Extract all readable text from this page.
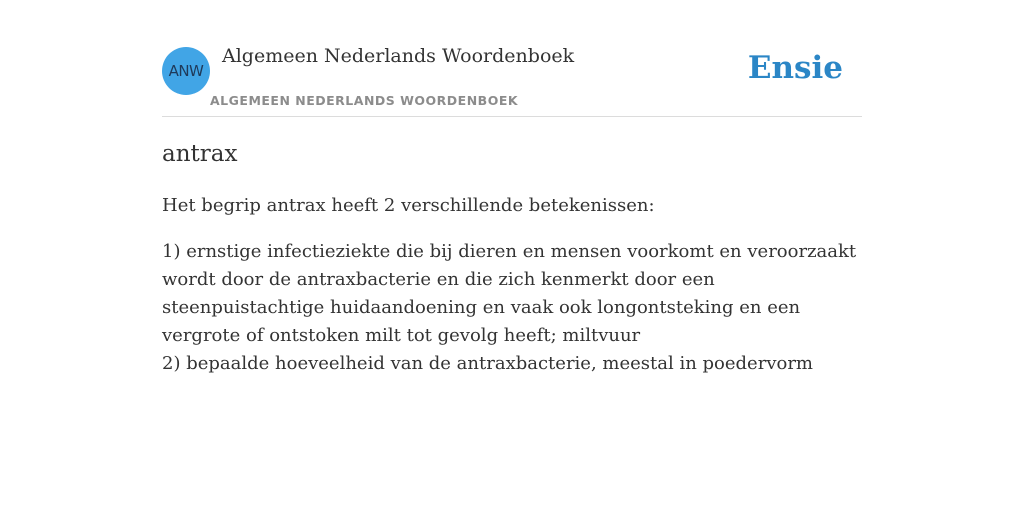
ANW
Algemeen Nederlands Woordenboek
ALGEMEEN NEDERLANDS WOORDENBOEK
Ensie
antrax

Het begrip antrax heeft 2 verschillende betekenissen:

1) ernstige infectieziekte die bij dieren en mensen voorkomt en veroorzaakt wordt door de antraxbacterie en die zich kenmerkt door een steenpuistachtige huidaandoening en vaak ook longontsteking en een vergrote of ontstoken milt tot gevolg heeft; miltvuur

2) bepaalde hoeveelheid van de antraxbacterie, meestal in poedervorm
